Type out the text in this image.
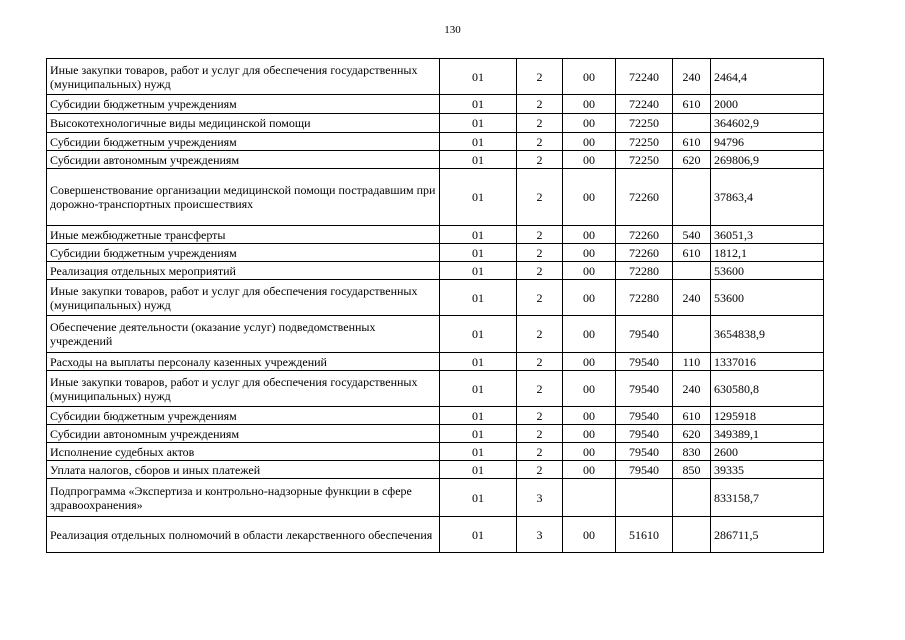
130
Иные закупки товаров, работ и услуг для обеспечения государственных (муниципальных) нужд	01	2	00	72240	240	2464,4
Субсидии бюджетным учреждениям	01	2	00	72240	610	2000
Высокотехнологичные виды медицинской помощи	01	2	00	72250		364602,9
Субсидии бюджетным учреждениям	01	2	00	72250	610	94796
Субсидии автономным учреждениям	01	2	00	72250	620	269806,9
Совершенствование организации медицинской помощи пострадавшим при дорожно-транспортных происшествиях	01	2	00	72260		37863,4
Иные межбюджетные трансферты	01	2	00	72260	540	36051,3
Субсидии бюджетным учреждениям	01	2	00	72260	610	1812,1
Реализация отдельных мероприятий	01	2	00	72280		53600
Иные закупки товаров, работ и услуг для обеспечения государственных (муниципальных) нужд	01	2	00	72280	240	53600
Обеспечение деятельности (оказание услуг) подведомственных учреждений	01	2	00	79540		3654838,9
Расходы на выплаты персоналу казенных учреждений	01	2	00	79540	110	1337016
Иные закупки товаров, работ и услуг для обеспечения государственных (муниципальных) нужд	01	2	00	79540	240	630580,8
Субсидии бюджетным учреждениям	01	2	00	79540	610	1295918
Субсидии автономным учреждениям	01	2	00	79540	620	349389,1
Исполнение судебных актов	01	2	00	79540	830	2600
Уплата налогов, сборов и иных платежей	01	2	00	79540	850	39335
Подпрограмма «Экспертиза и контрольно-надзорные функции в сфере здравоохранения»	01	3				833158,7
Реализация отдельных полномочий в области лекарственного обеспечения	01	3	00	51610		286711,5
